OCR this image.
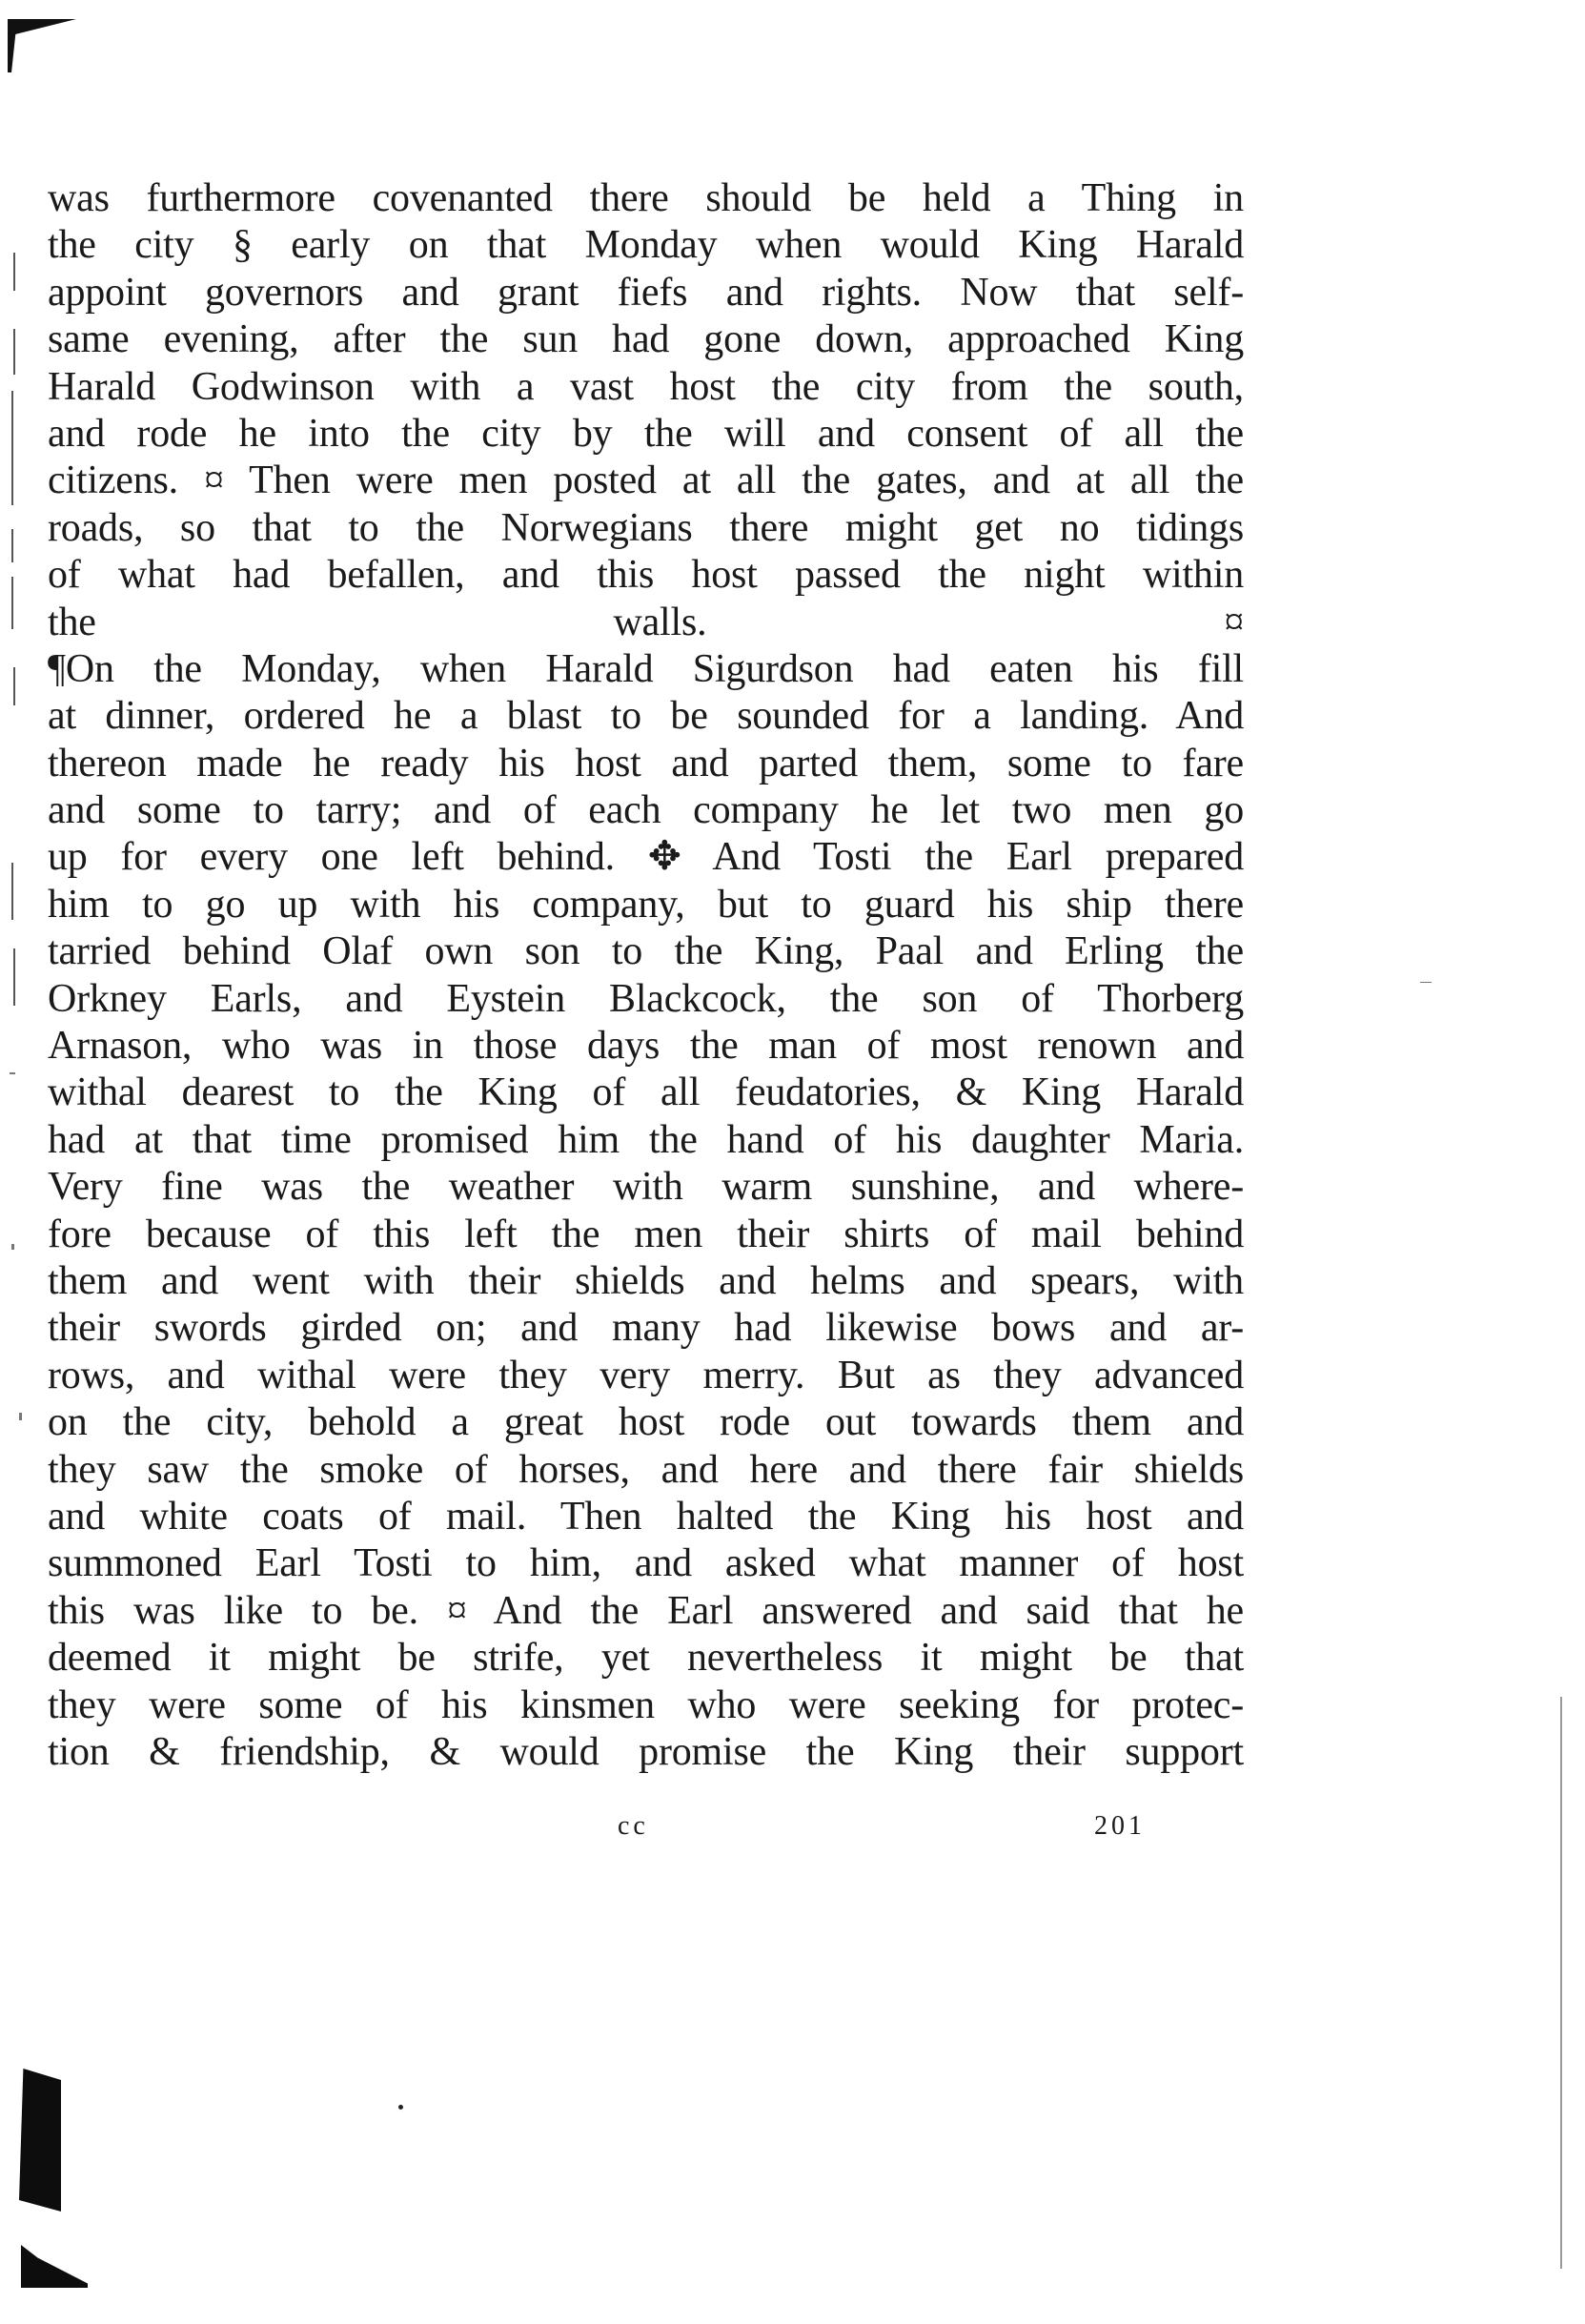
was furthermore covenanted there should be held a Thing in
the city § early on that Monday when would King Harald
appoint governors and grant fiefs and rights. Now that self-
same evening, after the sun had gone down, approached King
Harald Godwinson with a vast host the city from the south,
and rode he into the city by the will and consent of all the
citizens. ¤ Then were men posted at all the gates, and at all the
roads, so that to the Norwegians there might get no tidings
of what had befallen, and this host passed the night within
the walls.	¤
¶On the Monday, when Harald Sigurdson had eaten his fill
at dinner, ordered he a blast to be sounded for a landing. And
thereon made he ready his host and parted them, some to fare
and some to tarry; and of each company he let two men go
up for every one left behind. ✥ And Tosti the Earl prepared
him to go up with his company, but to guard his ship there
tarried behind Olaf own son to the King, Paal and Erling the
Orkney Earls, and Eystein Blackcock, the son of Thorberg
Arnason, who was in those days the man of most renown and
withal dearest to the King of all feudatories, & King Harald
had at that time promised him the hand of his daughter Maria.
Very fine was the weather with warm sunshine, and where-
fore because of this left the men their shirts of mail behind
them and went with their shields and helms and spears, with
their swords girded on; and many had likewise bows and ar-
rows, and withal were they very merry. But as they advanced
on the city, behold a great host rode out towards them and
they saw the smoke of horses, and here and there fair shields
and white coats of mail. Then halted the King his host and
summoned Earl Tosti to him, and asked what manner of host
this was like to be. ¤ And the Earl answered and said that he
deemed it might be strife, yet nevertheless it might be that
they were some of his kinsmen who were seeking for protec-
tion & friendship, & would promise the King their support
cc	201
